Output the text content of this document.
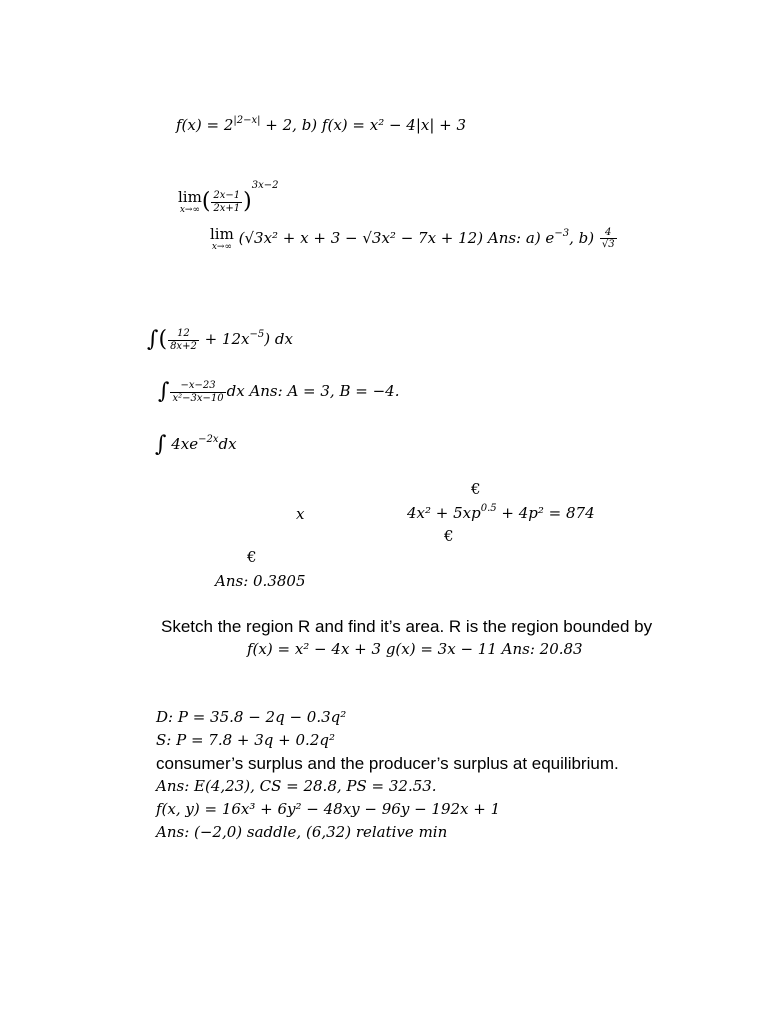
$f(x) = 2^{|2-x|} + 2$, b) f(x) = x² − 4|x| + 3
lim
x→∞ ( $\frac{2x-1}{2x+1} )^{3x-2}$
lim
x→∞ (√3x² + x + 3 − √3x² − 7x + 12) Ans: a) $e^{-3}$, $b) \frac{4}{√3}$
∫( $\frac{12}{8x+2} + 12x^{-5}$) dx
∫ $\frac{-x-23}{\text{x²−3x−10}}$ dx Ans: A = 3, B = −4.
∫ $4xe^{-2x}dx$
€
x	$4x^2 + 5xp^{0.5} + 4p^2 = 874$
€
€
Ans: 0.3805
Sketch the region R and find it’s area. R is the region bounded by
f(x) = x² − 4x + 3 g(x) = 3x − 11 Ans: 20.83
D: P = 35.8 − 2q − 0.3q²
S: P = 7.8 + 3q + 0.2q²
consumer’s surplus and the producer’s surplus at equilibrium.
Ans: E(4,23), CS = 28.8, PS = 32.53.
f(x, y) = 16x³ + 6y² − 48xy − 96y − 192x + 1
Ans: (−2,0) saddle, (6,32) relative min
